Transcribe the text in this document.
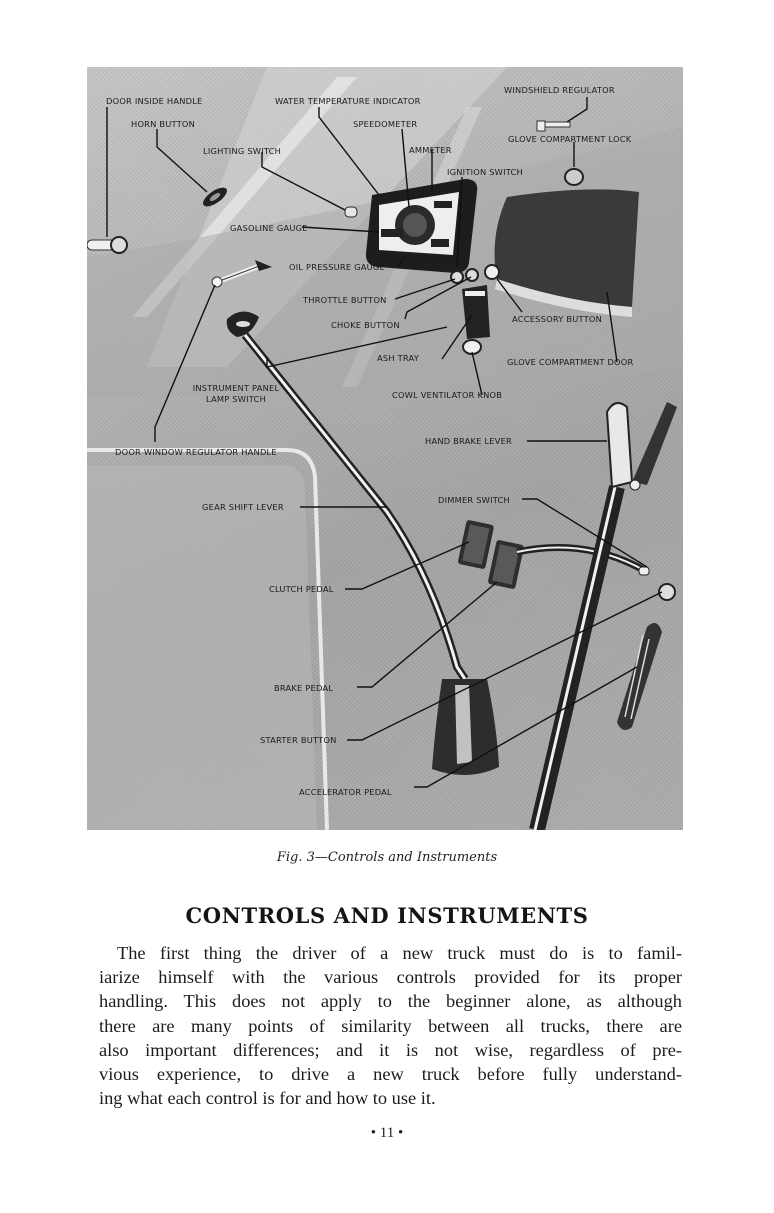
DOOR INSIDE HANDLE
HORN BUTTON
LIGHTING SWITCH
WATER TEMPERATURE INDICATOR
SPEEDOMETER
AMMETER
IGNITION SWITCH
WINDSHIELD REGULATOR
GLOVE COMPARTMENT LOCK
GASOLINE GAUGE
OIL PRESSURE GAUGE
THROTTLE BUTTON
CHOKE BUTTON
ACCESSORY BUTTON
ASH TRAY	GLOVE COMPARTMENT DOOR
INSTRUMENT PANEL
LAMP SWITCH	COWL VENTILATOR KNOB
DOOR WINDOW REGULATOR HANDLE
HAND BRAKE LEVER
GEAR SHIFT LEVER
DIMMER SWITCH
CLUTCH PEDAL
BRAKE PEDAL
STARTER BUTTON
ACCELERATOR PEDAL
Fig. 3—Controls and Instruments
CONTROLS AND INSTRUMENTS
The first thing the driver of a new truck must do is to famil-
iarize himself with the various controls provided for its proper
handling. This does not apply to the beginner alone, as although
there are many points of similarity between all trucks, there are
also important differences; and it is not wise, regardless of pre-
vious experience, to drive a new truck before fully understand-
ing what each control is for and how to use it.
• 11 •
